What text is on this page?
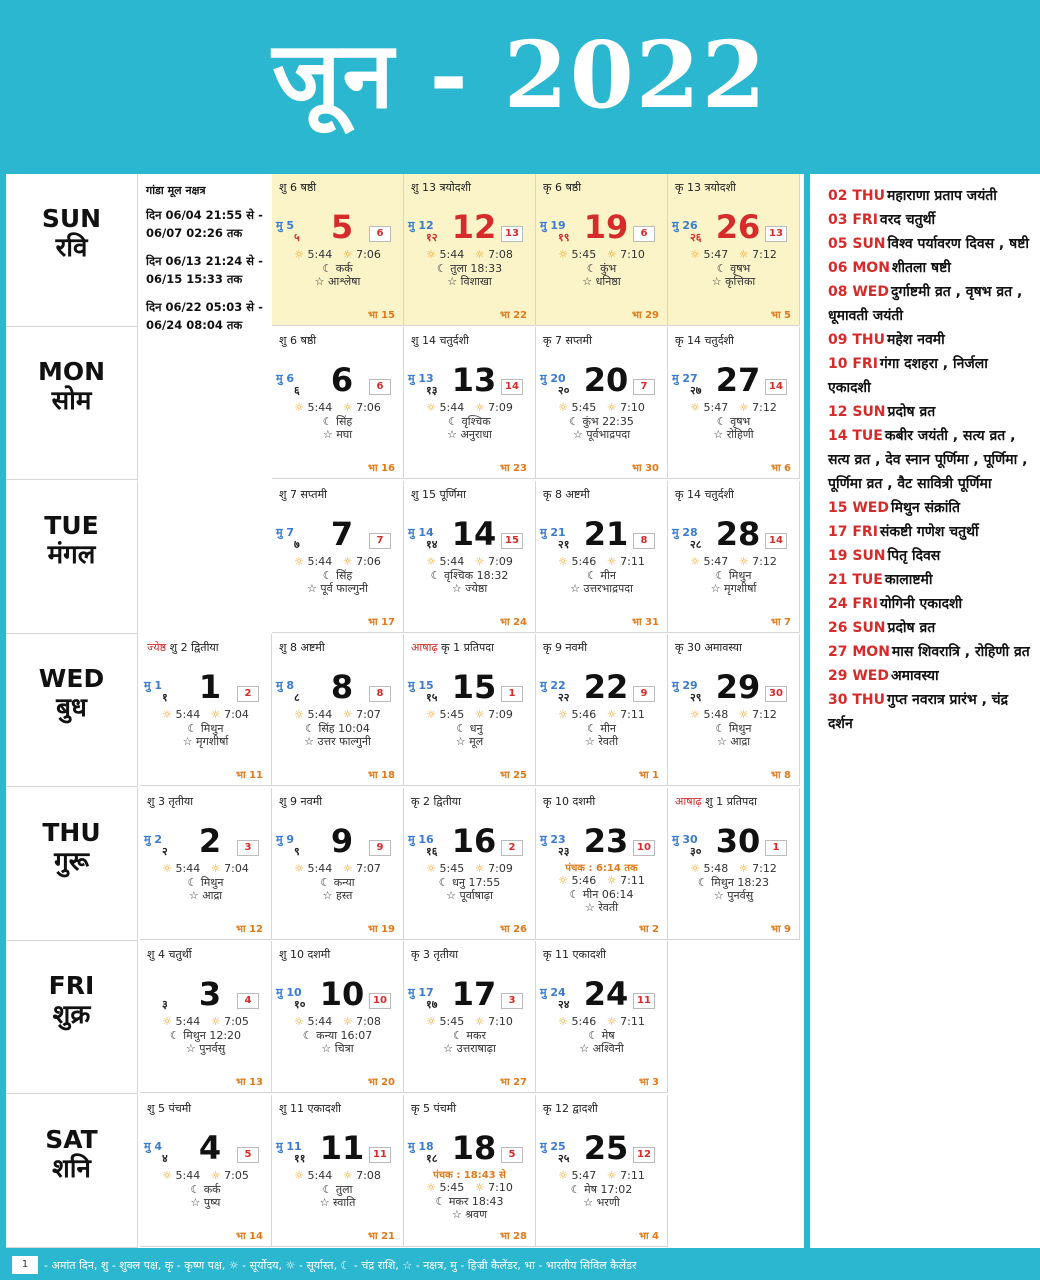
जून - 2022
SUN
रवि
MON
सोम
TUE
मंगल
WED
बुध
THU
गुरू
FRI
शुक्र
SAT
शनि
गांडा मूल नक्षत्र
दिन 06/04 21:55 से - 06/07 02:26 तक
दिन 06/13 21:24 से - 06/15 15:33 तक
दिन 06/22 05:03 से - 06/24 08:04 तक
शु 6 षष्ठी
मु 5
५ 5	6
☼ 5:44 ☼ 7:06
☾ कर्क
☆ आश्लेषा
भा 15
शु 13 त्रयोदशी
मु 12
१२ 12 13
☼ 5:44 ☼ 7:08
☾ तुला 18:33
☆ विशाखा
भा 22
कृ 6 षष्ठी
मु 19
१९ 19	6
☼ 5:45 ☼ 7:10
☾ कुंभ
☆ धनिष्ठा
भा 29
कृ 13 त्रयोदशी
मु 26
२६ 26 13
☼ 5:47 ☼ 7:12
☾ वृषभ
☆ कृत्तिका
भा 5
शु 6 षष्ठी
मु 6
६ 6	6
☼ 5:44 ☼ 7:06
☾ सिंह
☆ मघा
भा 16
शु 14 चतुर्दशी
मु 13
१३ 13 14
☼ 5:44 ☼ 7:09
☾ वृश्चिक
☆ अनुराधा
भा 23
कृ 7 सप्तमी
मु 20
२० 20	7
☼ 5:45 ☼ 7:10
☾ कुंभ 22:35
☆ पूर्वभाद्रपदा
भा 30
कृ 14 चतुर्दशी
मु 27
२७ 27 14
☼ 5:47 ☼ 7:12
☾ वृषभ
☆ रोहिणी
भा 6
शु 7 सप्तमी
मु 7
७ 7	7
☼ 5:44 ☼ 7:06
☾ सिंह
☆ पूर्व फाल्गुनी
भा 17
शु 15 पूर्णिमा
मु 14
१४ 14 15
☼ 5:44 ☼ 7:09
☾ वृश्चिक 18:32
☆ ज्येष्ठा
भा 24
कृ 8 अष्टमी
मु 21
२१ 21	8
☼ 5:46 ☼ 7:11
☾ मीन
☆ उत्तरभाद्रपदा
भा 31
कृ 14 चतुर्दशी
मु 28
२८ 28 14
☼ 5:47 ☼ 7:12
☾ मिथुन
☆ मृगशीर्षा
भा 7
ज्येष्ठ शु 2 द्वितीया
मु 1
१ 1	2
☼ 5:44 ☼ 7:04
☾ मिथुन
☆ मृगशीर्षा
भा 11
शु 8 अष्टमी
मु 8
८ 8	8
☼ 5:44 ☼ 7:07
☾ सिंह 10:04
☆ उत्तर फाल्गुनी
भा 18
आषाढ़ कृ 1 प्रतिपदा
मु 15
१५ 15	1
☼ 5:45 ☼ 7:09
☾ धनु
☆ मूल
भा 25
कृ 9 नवमी
मु 22
२२ 22	9
☼ 5:46 ☼ 7:11
☾ मीन
☆ रेवती
भा 1
कृ 30 अमावस्या
मु 29
२९ 29 30
☼ 5:48 ☼ 7:12
☾ मिथुन
☆ आद्रा
भा 8
शु 3 तृतीया
मु 2
२ 2	3
☼ 5:44 ☼ 7:04
☾ मिथुन
☆ आद्रा
भा 12
शु 9 नवमी
मु 9
९ 9	9
☼ 5:44 ☼ 7:07
☾ कन्या
☆ हस्त
भा 19
कृ 2 द्वितीया
मु 16
१६ 16	2
☼ 5:45 ☼ 7:09
☾ धनु 17:55
☆ पूर्वाषाढ़ा
भा 26
कृ 10 दशमी
मु 23
२३ 23 10
पंचक : 6:14 तक
☼ 5:46 ☼ 7:11
☾ मीन 06:14
☆ रेवती
भा 2
आषाढ़ शु 1 प्रतिपदा
मु 30
३० 30	1
☼ 5:48 ☼ 7:12
☾ मिथुन 18:23
☆ पुनर्वसु
भा 9
शु 4 चतुर्थी
३ 3	4
☼ 5:44 ☼ 7:05
☾ मिथुन 12:20
☆ पुनर्वसु
भा 13
शु 10 दशमी
मु 10
१० 10 10
☼ 5:44 ☼ 7:08
☾ कन्या 16:07
☆ चित्रा
भा 20
कृ 3 तृतीया
मु 17
१७ 17	3
☼ 5:45 ☼ 7:10
☾ मकर
☆ उत्तराषाढ़ा
भा 27
कृ 11 एकादशी
मु 24
२४ 24 11
☼ 5:46 ☼ 7:11
☾ मेष
☆ अश्विनी
भा 3
शु 5 पंचमी
मु 4
४ 4	5
☼ 5:44 ☼ 7:05
☾ कर्क
☆ पुष्य
भा 14
शु 11 एकादशी
मु 11
११ 11 11
☼ 5:44 ☼ 7:08
☾ तुला
☆ स्वाति
भा 21
कृ 5 पंचमी
मु 18
१८ 18	5
पंचक : 18:43 से
☼ 5:45 ☼ 7:10
☾ मकर 18:43
☆ श्रवण
भा 28
कृ 12 द्वादशी
मु 25
२५ 25 12
☼ 5:47 ☼ 7:11
☾ मेष 17:02
☆ भरणी
भा 4
02 THU महाराणा प्रताप जयंती
03 FRI वरद चतुर्थी
05 SUN विश्व पर्यावरण दिवस , षष्टी
06 MON शीतला षष्टी
08 WED दुर्गाष्टमी व्रत , वृषभ व्रत , धूमावती जयंती
09 THU महेश नवमी
10 FRI गंगा दशहरा , निर्जला एकादशी
12 SUN प्रदोष व्रत
14 TUE कबीर जयंती , सत्य व्रत , सत्य व्रत , देव स्नान पूर्णिमा , पूर्णिमा , पूर्णिमा व्रत , वैट सावित्री पूर्णिमा
15 WED मिथुन संक्रांति
17 FRI संकष्टी गणेश चतुर्थी
19 SUN पितृ दिवस
21 TUE कालाष्टमी
24 FRI योगिनी एकादशी
26 SUN प्रदोष व्रत
27 MON मास शिवरात्रि , रोहिणी व्रत
29 WED अमावस्या
30 THU गुप्त नवरात्र प्रारंभ , चंद्र दर्शन
1	- अमांत दिन, शु - शुक्ल पक्ष, कृ - कृष्ण पक्ष, ☼ - सूर्योदय, ☼ - सूर्यास्त, ☾ - चंद्र राशि, ☆ - नक्षत्र, मु - हिज्री कैलेंडर, भा - भारतीय सिविल कैलेंडर
